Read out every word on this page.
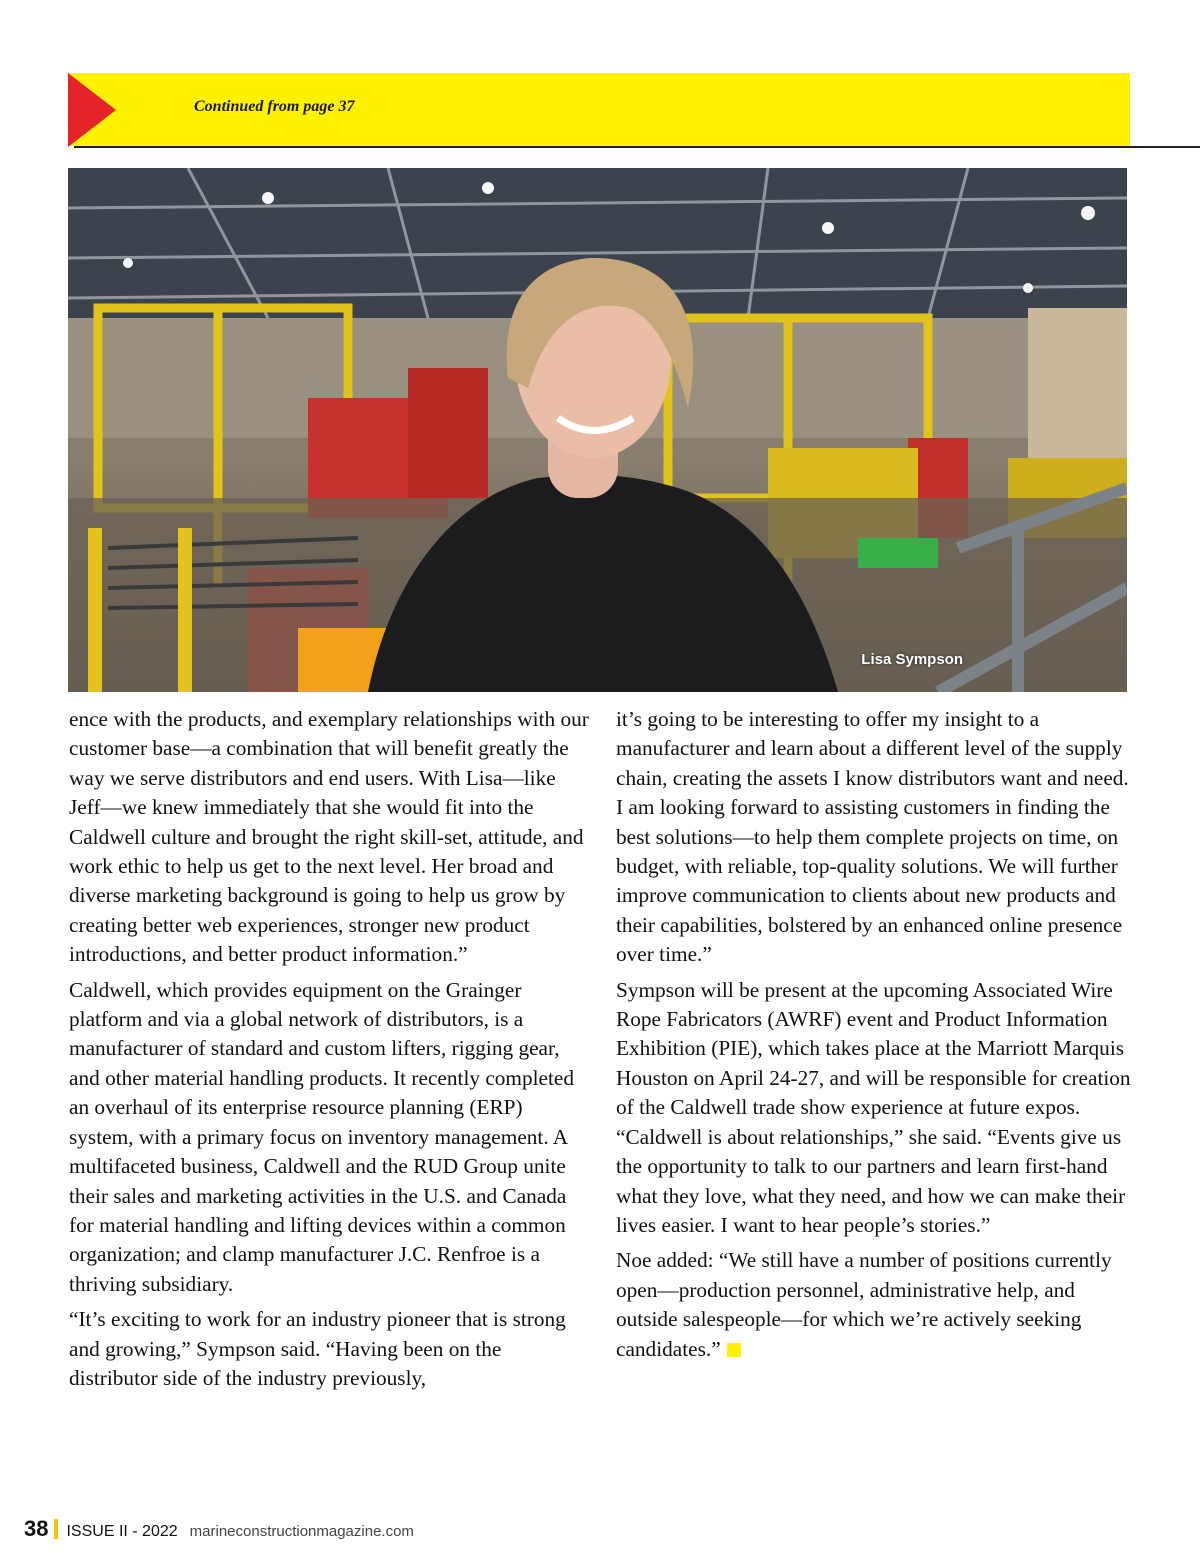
Continued from page 37
Lisa Sympson

ence with the products, and exemplary relationships with our customer base—a combination that will benefit greatly the way we serve distributors and end users. With Lisa—like Jeff—we knew immediately that she would fit into the Caldwell culture and brought the right skill-set, attitude, and work ethic to help us get to the next level. Her broad and diverse marketing background is going to help us grow by creating better web experiences, stronger new product introductions, and better product information.”

Caldwell, which provides equipment on the Grainger platform and via a global network of distributors, is a manufacturer of standard and custom lifters, rigging gear, and other material handling products. It recently completed an overhaul of its enterprise resource planning (ERP) system, with a primary focus on inventory management. A multifaceted business, Caldwell and the RUD Group unite their sales and marketing activities in the U.S. and Canada for material handling and lifting devices within a common organization; and clamp manufacturer J.C. Renfroe is a thriving subsidiary.

“It’s exciting to work for an industry pioneer that is strong and growing,” Sympson said. “Having been on the distributor side of the industry previously,

it’s going to be interesting to offer my insight to a manufacturer and learn about a different level of the supply chain, creating the assets I know distributors want and need. I am looking forward to assisting customers in finding the best solutions—to help them complete projects on time, on budget, with reliable, top-quality solutions. We will further improve communication to clients about new products and their capabilities, bolstered by an enhanced online presence over time.”

Sympson will be present at the upcoming Associated Wire Rope Fabricators (AWRF) event and Product Information Exhibition (PIE), which takes place at the Marriott Marquis Houston on April 24-27, and will be responsible for creation of the Caldwell trade show experience at future expos. “Caldwell is about relationships,” she said. “Events give us the opportunity to talk to our partners and learn first-hand what they love, what they need, and how we can make their lives easier. I want to hear people’s stories.”

Noe added: “We still have a number of positions currently open—production personnel, administrative help, and outside salespeople—for which we’re actively seeking candidates.”

38 ISSUE II - 2022 marineconstructionmagazine.com
